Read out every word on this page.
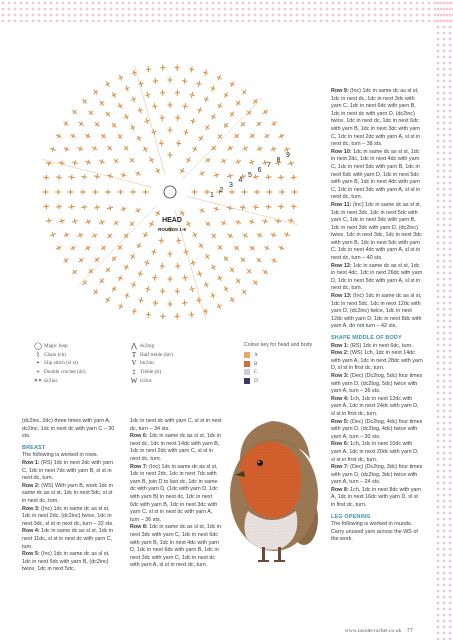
1
2
3
4
5
6
7
8
9
HEAD
ROUNDS 1-9
◯ Magic loop
⌇ Chain (ch)
• Slip stitch (sl st)
+ Double crochet (dc)
✕✕ dc2inc
⋀ dc2tog
T Half treble (htr)
V htr2inc
‡ Treble (tr)
W tr2inc
Colour key for head and body
A
B
C
D

(dc2inc, 2dc) three times with yarn A, dc2inc, 1dc in next dc with yarn C – 30 sts.

BREAST

The following is worked in rows.

Row 1: (RS) 1dc in next 2dc with yarn C, 1dc in next 7dc with yarn B, sl st in next dc, turn.

Row 2: (WS) With yarn B, work 1dc in same dc as sl st, 1dc in next 5dc, sl st in next dc, turn.

Row 3: (Inc) 1dc in same dc as sl st, 1dc in next 2dc, (dc2inc) twice, 1dc in next 3dc, sl st in next dc, turn – 32 sts.

Row 4: 1dc in same dc as sl st, 1dc in next 11dc, sl st in next dc with yarn C, turn.

Row 5: (Inc) 1dc in same dc as sl st, 1dc in next 5dc with yarn B, (dc2inc) twice, 1dc in next 5dc,

1dc in next dc with yarn C, sl st in next dc, turn – 34 sts.

Row 6: 1dc in same dc as sl st, 1dc in next dc, 1dc in next 14dc with yarn B, 1dc in next 2dc with yarn C, sl st in next dc, turn.

Row 7: (Inc) 1dc in same dc as sl st, 1dc in next 2dc, 1dc in next 7dc with yarn B, join D to last dc, 1dc in same dc with yarn D, (1dc with yarn D, 1dc with yarn B) in next dc, 1dc in next 6dc with yarn B, 1dc in next 3dc with yarn C, sl st in next dc with yarn A, turn – 36 sts.

Row 8: 1dc in same dc as sl st, 1dc in next 3dc with yarn C, 1dc in next 6dc with yarn B, 1dc in next 4dc with yarn D, 1dc in next 6dc with yarn B, 1dc in next 3dc with yarn C, 1dc in next dc with yarn A, sl st in next dc, turn.

Row 9: (Inc) 1dc in same dc as sl st, 1dc in next dc, 1dc in next 3dc with yarn C, 1dc in next 6dc with yarn B, 1dc in next dc with yarn D, (dc2inc) twice, 1dc in next dc, 1dc in next 6dc with yarn B, 1dc in next 3dc with yarn C, 1dc in next 2dc with yarn A, sl st in next dc, turn – 38 sts.

Row 10: 1dc in same dc as sl st, 1dc in next 2dc, 1dc in next 4dc with yarn C, 1dc in next 5dc with yarn B, 1dc in next 6dc with yarn D, 1dc in next 5dc with yarn B, 1dc in next 4dc with yarn C, 1dc in next 3dc with yarn A, sl st in next dc, turn.

Row 11: (Inc) 1dc in same dc as sl st, 1dc in next 3dc, 1dc in next 5dc with yarn C, 1dc in next 3dc with yarn B, 1dc in next 3dc with yarn D, (dc2inc) twice, 1dc in next 3dc, 1dc in next 3dc with yarn B, 1dc in next 5dc with yarn C, 1dc in next 4dc with yarn A, sl st in next dc, turn – 40 sts.

Row 12: 1dc in same dc as sl st, 1dc in next 4dc, 1dc in next 26dc with yarn D, 1dc in next 5dc with yarn A, sl st in next dc, turn.

Row 13: (Inc) 1dc in same dc as sl st, 1dc in next 5dc, 1dc in next 12dc with yarn D, (dc2inc) twice, 1dc in next 12dc with yarn D, 1dc in next 8dc with yarn A, do not turn – 42 sts.

SHAPE MIDDLE OF BODY

Row 1: (RS) 1dc in next 6dc, turn.

Row 2: (WS) 1ch, 1dc in next 14dc with yarn A, 1dc in next 28dc with yarn D, sl st in first dc, turn.

Row 3: (Dec) (Dc2tog, 5dc) four times with yarn D, (dc2tog, 5dc) twice with yarn A, turn – 36 sts.

Row 4: 1ch, 1dc in next 12dc with yarn A, 1dc in next 24dc with yarn D, sl st in first dc, turn.

Row 5: (Dec) (Dc2tog, 4dc) four times with yarn D, (dc2tog, 4dc) twice with yarn A, turn – 30 sts.

Row 6: 1ch, 1dc in next 10dc with yarn A, 1dc in next 20dc with yarn D, sl st in first dc, turn.

Row 7: (Dec) (Dc2tog, 3dc) four times with yarn D, (dc2tog, 3dc) twice with yarn A, turn – 24 sts.

Row 8: 1ch, 1dc in next 8dc with yarn A, 1dc in next 16dc with yarn D, sl st in first dc, turn.

LEG OPENING

The following is worked in rounds. Carry unused yarn across the WS of the work.

www.insidecrochet.co.uk 77
